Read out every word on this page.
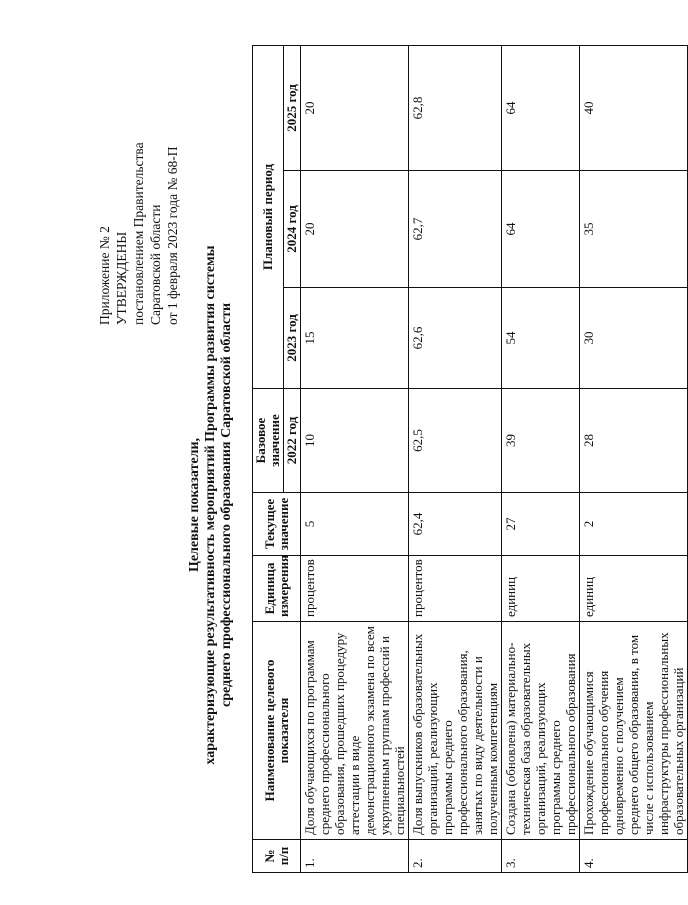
Приложение № 2 УТВЕРЖДЕНЫ постановлением Правительства Саратовской области от 1 февраля 2023 года № 68-П
Целевые показатели, характеризующие результативность мероприятий Программы развития системы среднего профессионального образования Саратовской области
№ п/п	Наименование целевого показателя	Единица измерения	Текущее значение	Базовое значение	Плановый период		
				2022 год	2023 год	2024 год	2025 год
1.	Доля обучающихся по программам среднего профессионального образования, прошедших процедуру аттестации в виде демонстрационного экзамена по всем укрупненным группам профессий и специальностей	процентов	5	10	15	20	20
2.	Доля выпускников образовательных организаций, реализующих программы среднего профессионального образования, занятых по виду деятельности и полученным компетенциям	процентов	62,4	62,5	62,6	62,7	62,8
3.	Создана (обновлена) материально-техническая база образовательных организаций, реализующих программы среднего профессионального образования	единиц	27	39	54	64	64
4.	Прохождение обучающимися профессионального обучения одновременно с получением среднего общего образования, в том числе с использованием инфраструктуры профессиональных образовательных организаций	единиц	2	28	30	35	40
